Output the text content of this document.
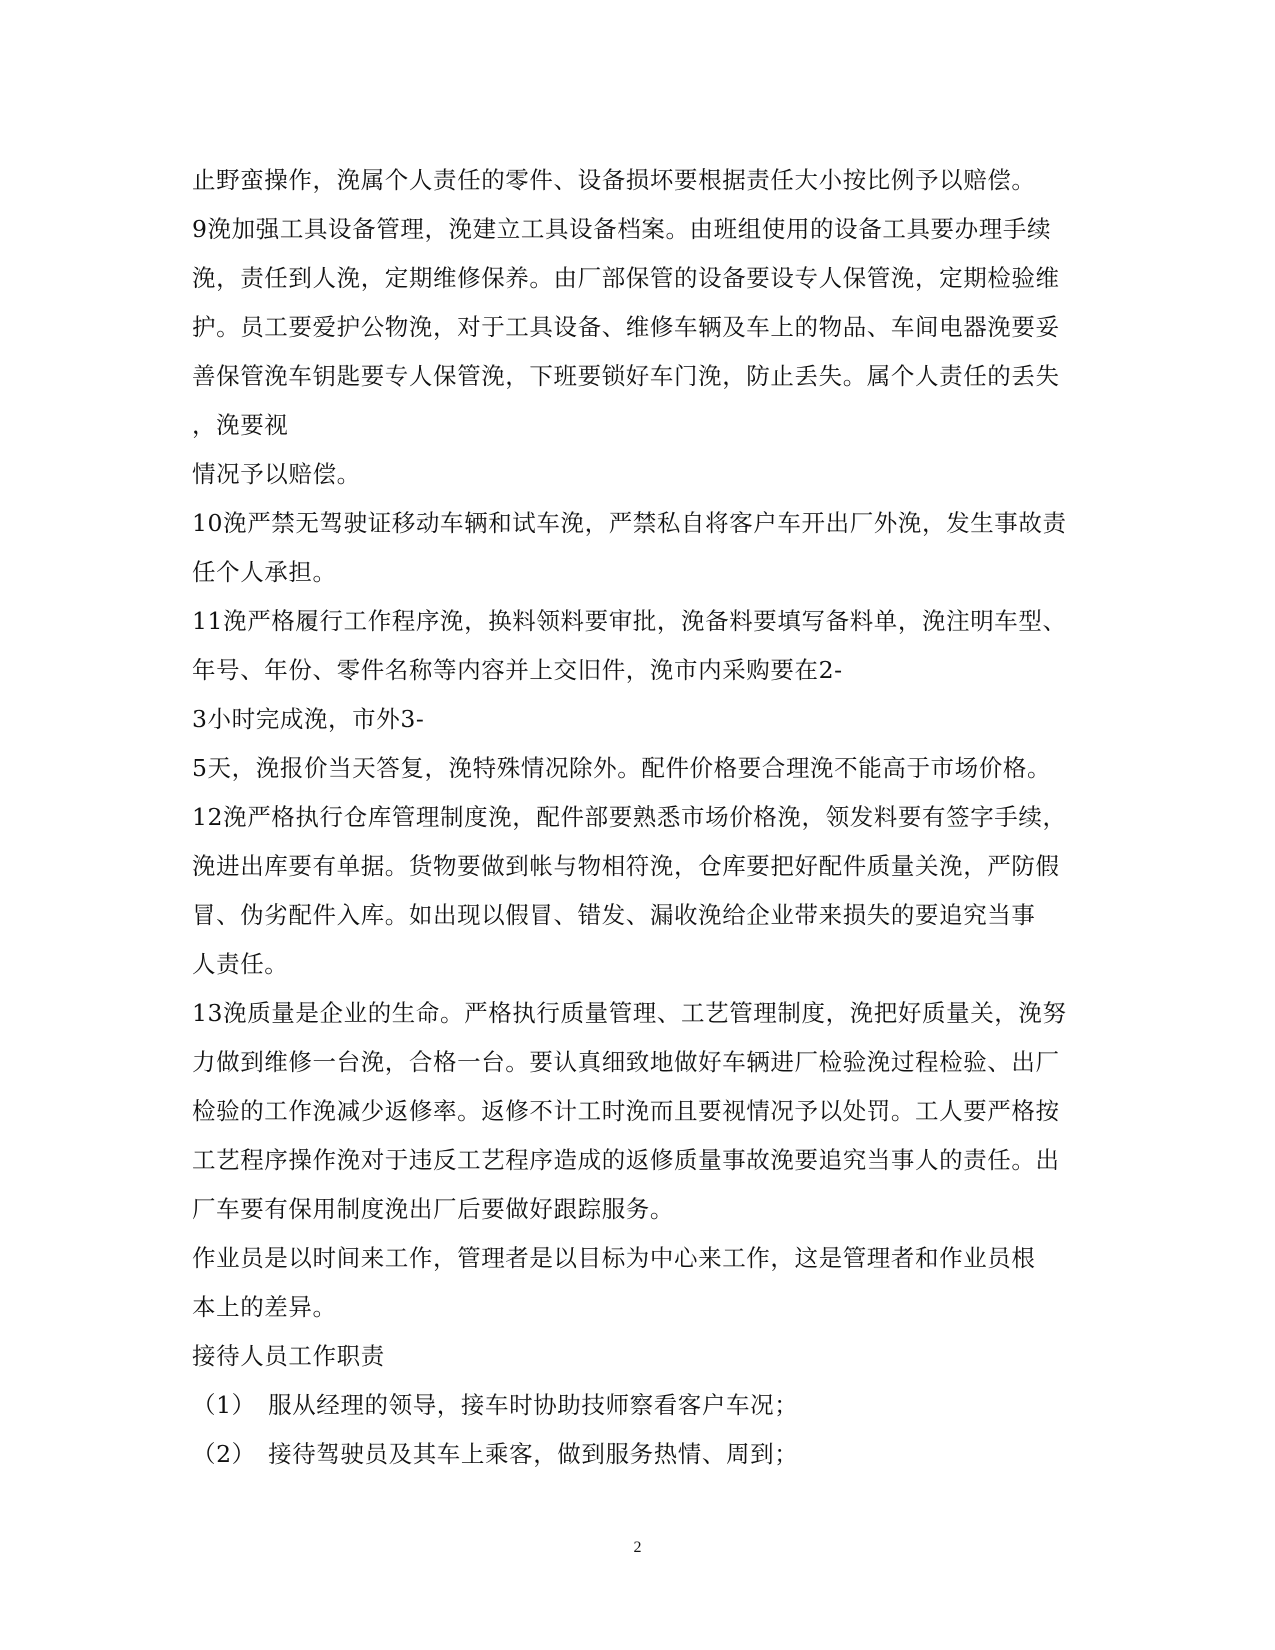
止野蛮操作，浼属个人责任的零件、设备损坏要根据责任大小按比例予以赔偿。
9浼加强工具设备管理，浼建立工具设备档案。由班组使用的设备工具要办理手续
浼，责任到人浼，定期维修保养。由厂部保管的设备要设专人保管浼，定期检验维
护。员工要爱护公物浼，对于工具设备、维修车辆及车上的物品、车间电器浼要妥
善保管浼车钥匙要专人保管浼，下班要锁好车门浼，防止丢失。属个人责任的丢失
，浼要视
情况予以赔偿。
10浼严禁无驾驶证移动车辆和试车浼，严禁私自将客户车开出厂外浼，发生事故责
任个人承担。
11浼严格履行工作程序浼，换料领料要审批，浼备料要填写备料单，浼注明车型、
年号、年份、零件名称等内容并上交旧件，浼市内采购要在2-
3小时完成浼，市外3-
5天，浼报价当天答复，浼特殊情况除外。配件价格要合理浼不能高于市场价格。
12浼严格执行仓库管理制度浼，配件部要熟悉市场价格浼，领发料要有签字手续，
浼进出库要有单据。货物要做到帐与物相符浼，仓库要把好配件质量关浼，严防假
冒、伪劣配件入库。如出现以假冒、错发、漏收浼给企业带来损失的要追究当事
人责任。
13浼质量是企业的生命。严格执行质量管理、工艺管理制度，浼把好质量关，浼努
力做到维修一台浼，合格一台。要认真细致地做好车辆进厂检验浼过程检验、出厂
检验的工作浼减少返修率。返修不计工时浼而且要视情况予以处罚。工人要严格按
工艺程序操作浼对于违反工艺程序造成的返修质量事故浼要追究当事人的责任。出
厂车要有保用制度浼出厂后要做好跟踪服务。
作业员是以时间来工作，管理者是以目标为中心来工作，这是管理者和作业员根
本上的差异。
接待人员工作职责
（1）　服从经理的领导，接车时协助技师察看客户车况；
（2）　接待驾驶员及其车上乘客，做到服务热情、周到；
2
